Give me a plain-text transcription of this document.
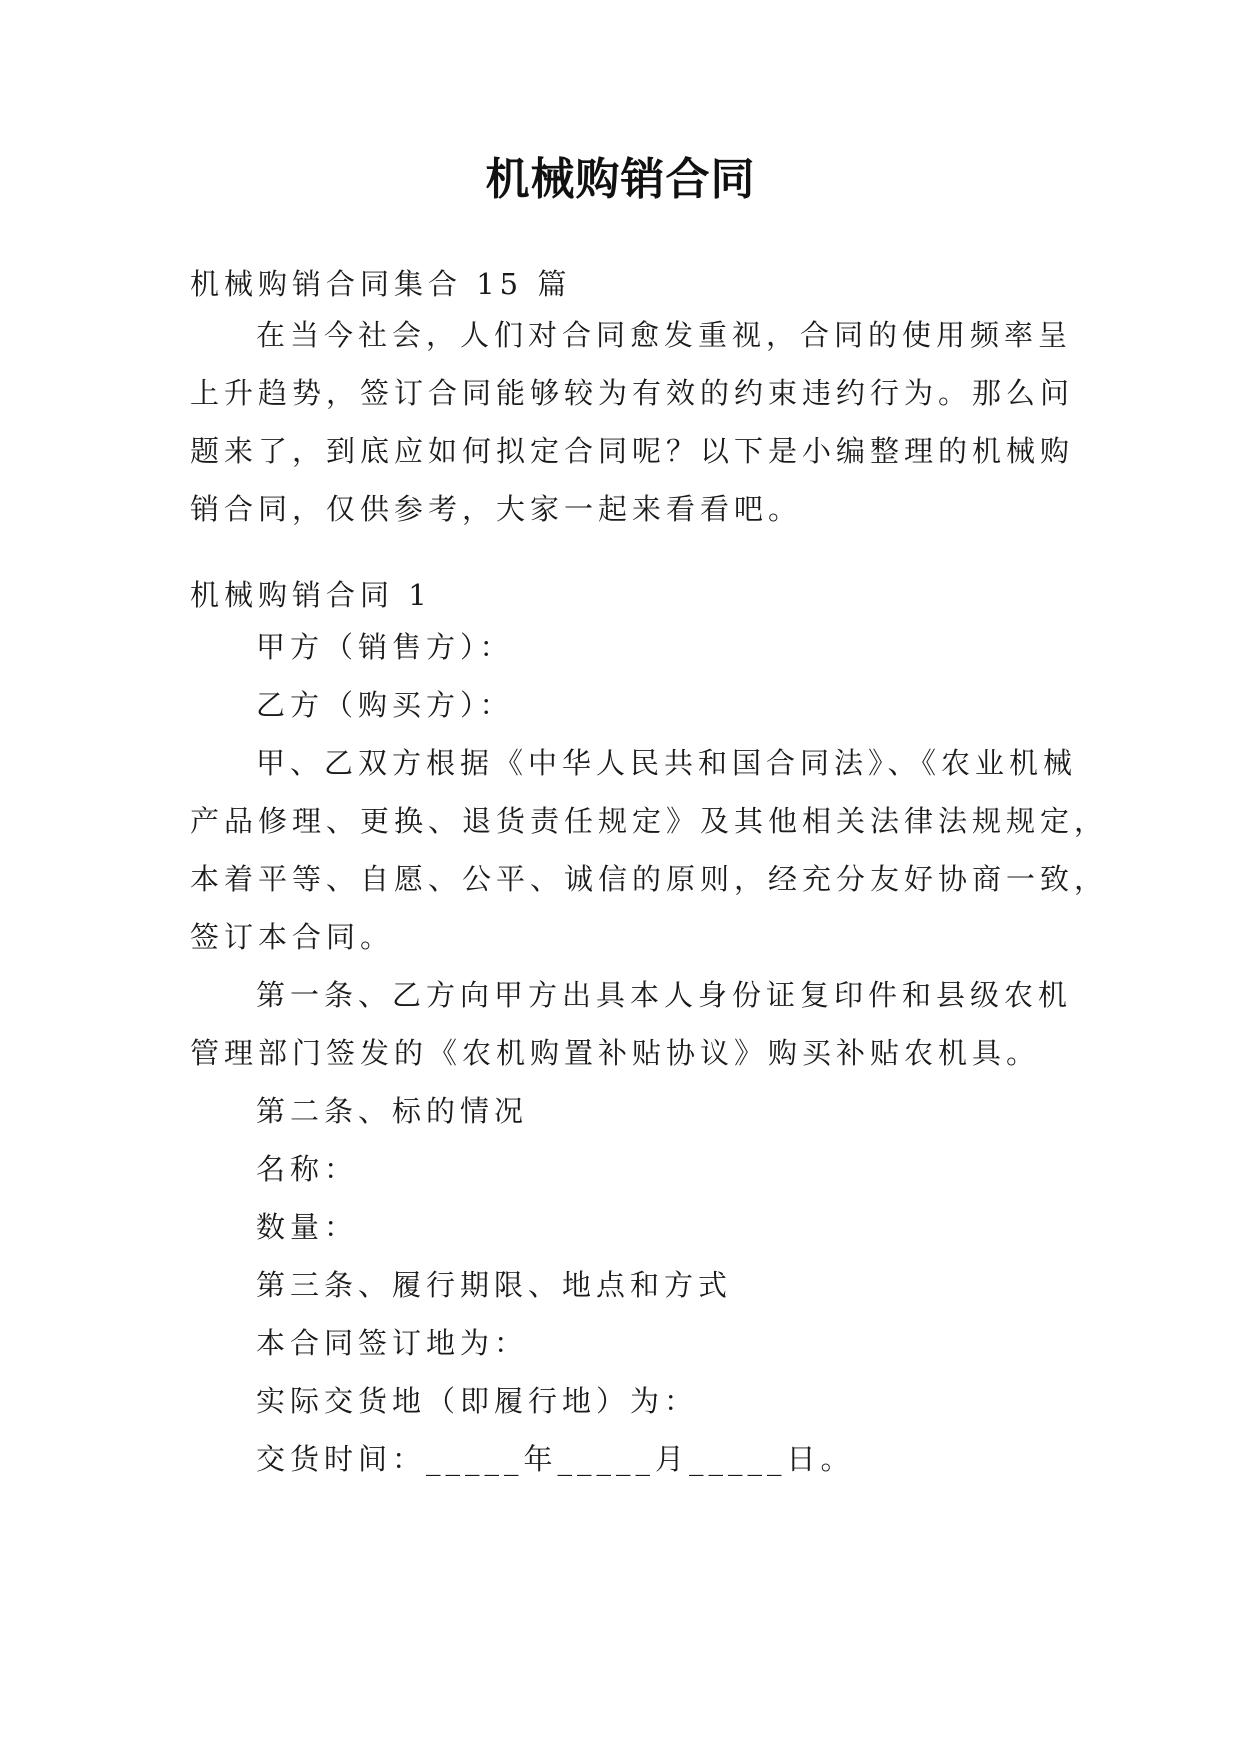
机械购销合同

机械购销合同集合 15 篇

在当今社会，人们对合同愈发重视，合同的使用频率呈

上升趋势，签订合同能够较为有效的约束违约行为。那么问

题来了，到底应如何拟定合同呢？以下是小编整理的机械购

销合同，仅供参考，大家一起来看看吧。

机械购销合同 1

甲方（销售方）：

乙方（购买方）：

甲、乙双方根据《中华人民共和国合同法》、《农业机械

产品修理、更换、退货责任规定》及其他相关法律法规规定，

本着平等、自愿、公平、诚信的原则，经充分友好协商一致，

签订本合同。

第一条、乙方向甲方出具本人身份证复印件和县级农机

管理部门签发的《农机购置补贴协议》购买补贴农机具。

第二条、标的情况

名称：

数量：

第三条、履行期限、地点和方式

本合同签订地为：

实际交货地（即履行地）为：

交货时间：_____年_____月_____日。
